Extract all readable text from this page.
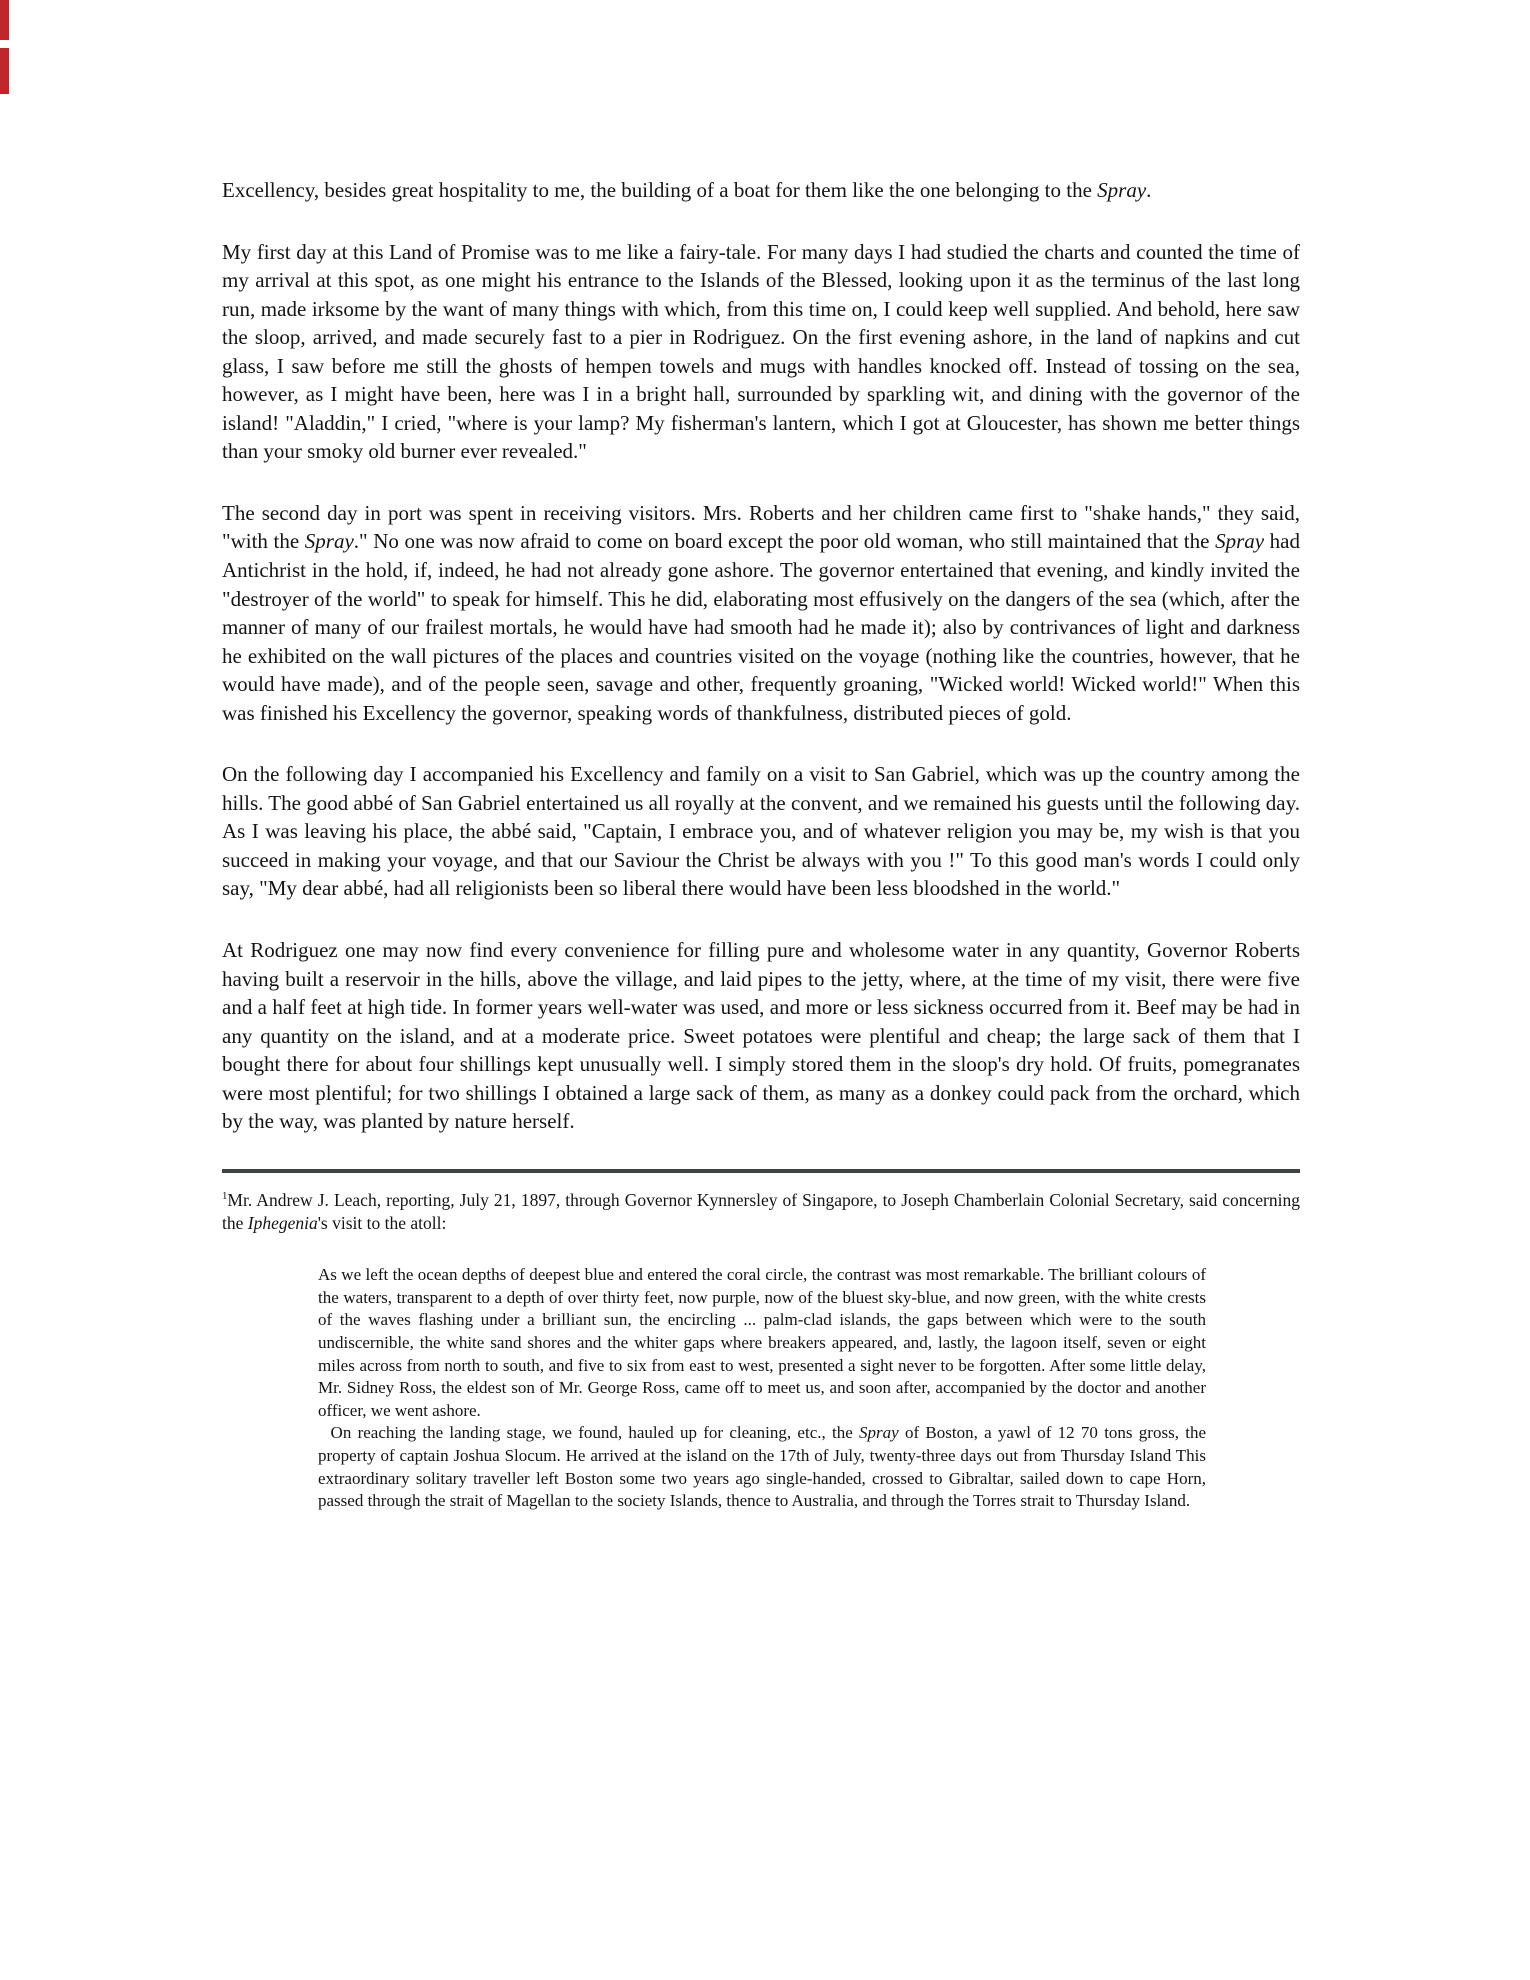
Excellency, besides great hospitality to me, the building of a boat for them like the one belonging to the Spray.

My first day at this Land of Promise was to me like a fairy-tale. For many days I had studied the charts and counted the time of my arrival at this spot, as one might his entrance to the Islands of the Blessed, looking upon it as the terminus of the last long run, made irksome by the want of many things with which, from this time on, I could keep well supplied. And behold, here saw the sloop, arrived, and made securely fast to a pier in Rodriguez. On the first evening ashore, in the land of napkins and cut glass, I saw before me still the ghosts of hempen towels and mugs with handles knocked off. Instead of tossing on the sea, however, as I might have been, here was I in a bright hall, surrounded by sparkling wit, and dining with the governor of the island! "Aladdin," I cried, "where is your lamp? My fisherman's lantern, which I got at Gloucester, has shown me better things than your smoky old burner ever revealed."

The second day in port was spent in receiving visitors. Mrs. Roberts and her children came first to "shake hands," they said, "with the Spray." No one was now afraid to come on board except the poor old woman, who still maintained that the Spray had Antichrist in the hold, if, indeed, he had not already gone ashore. The governor entertained that evening, and kindly invited the "destroyer of the world" to speak for himself. This he did, elaborating most effusively on the dangers of the sea (which, after the manner of many of our frailest mortals, he would have had smooth had he made it); also by contrivances of light and darkness he exhibited on the wall pictures of the places and countries visited on the voyage (nothing like the countries, however, that he would have made), and of the people seen, savage and other, frequently groaning, "Wicked world! Wicked world!" When this was finished his Excellency the governor, speaking words of thankfulness, distributed pieces of gold.

On the following day I accompanied his Excellency and family on a visit to San Gabriel, which was up the country among the hills. The good abbé of San Gabriel entertained us all royally at the convent, and we remained his guests until the following day. As I was leaving his place, the abbé said, "Captain, I embrace you, and of whatever religion you may be, my wish is that you succeed in making your voyage, and that our Saviour the Christ be always with you !" To this good man's words I could only say, "My dear abbé, had all religionists been so liberal there would have been less bloodshed in the world."

At Rodriguez one may now find every convenience for filling pure and wholesome water in any quantity, Governor Roberts having built a reservoir in the hills, above the village, and laid pipes to the jetty, where, at the time of my visit, there were five and a half feet at high tide. In former years well-water was used, and more or less sickness occurred from it. Beef may be had in any quantity on the island, and at a moderate price. Sweet potatoes were plentiful and cheap; the large sack of them that I bought there for about four shillings kept unusually well. I simply stored them in the sloop's dry hold. Of fruits, pomegranates were most plentiful; for two shillings I obtained a large sack of them, as many as a donkey could pack from the orchard, which by the way, was planted by nature herself.

$^1$Mr. Andrew J. Leach, reporting, July 21, 1897, through Governor Kynnersley of Singapore, to Joseph Chamberlain Colonial Secretary, said concerning the Iphegenia's visit to the atoll:

As we left the ocean depths of deepest blue and entered the coral circle, the contrast was most remarkable. The brilliant colours of the waters, transparent to a depth of over thirty feet, now purple, now of the bluest sky-blue, and now green, with the white crests of the waves flashing under a brilliant sun, the encircling ... palm-clad islands, the gaps between which were to the south undiscernible, the white sand shores and the whiter gaps where breakers appeared, and, lastly, the lagoon itself, seven or eight miles across from north to south, and five to six from east to west, presented a sight never to be forgotten. After some little delay, Mr. Sidney Ross, the eldest son of Mr. George Ross, came off to meet us, and soon after, accompanied by the doctor and another officer, we went ashore.

On reaching the landing stage, we found, hauled up for cleaning, etc., the Spray of Boston, a yawl of 12 70 tons gross, the property of captain Joshua Slocum. He arrived at the island on the 17th of July, twenty-three days out from Thursday Island This extraordinary solitary traveller left Boston some two years ago single-handed, crossed to Gibraltar, sailed down to cape Horn, passed through the strait of Magellan to the society Islands, thence to Australia, and through the Torres strait to Thursday Island.
